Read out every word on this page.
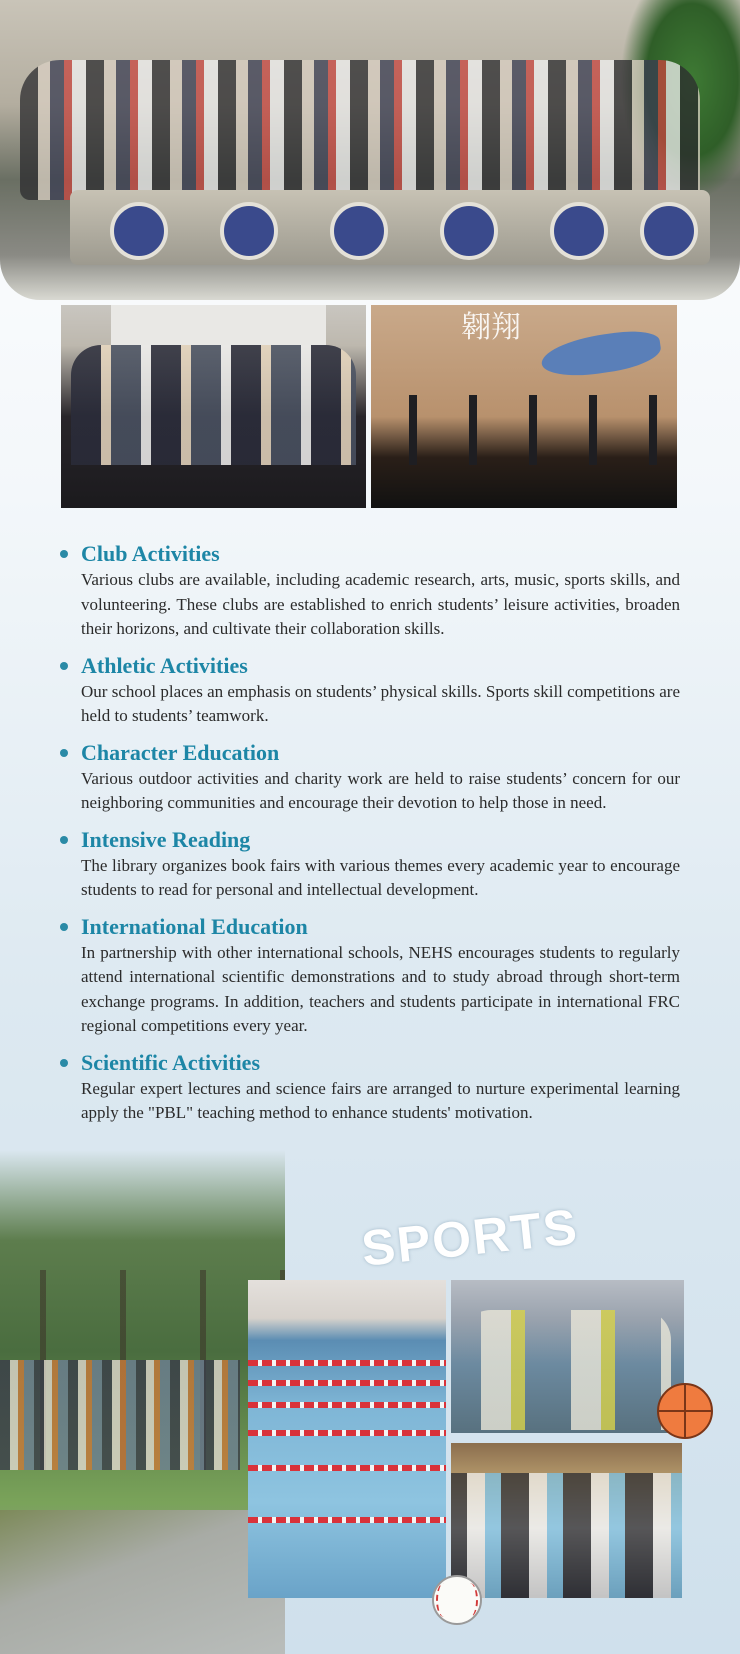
翱翔

Club Activities

Various clubs are available, including academic research, arts, music, sports skills, and volunteering. These clubs are established to enrich students’ leisure activities, broaden their horizons, and cultivate their collaboration skills.

Athletic Activities

Our school places an emphasis on students’ physical skills. Sports skill competitions are held to students’ teamwork.

Character Education

Various outdoor activities and charity work are held to raise students’ concern for our neighboring communities and encourage their devotion to help those in need.

Intensive Reading

The library organizes book fairs with various themes every academic year to encourage students to read for personal and intellectual development.

International Education

In partnership with other international schools, NEHS encourages students to regularly attend international scientific demonstrations and to study abroad through short-term exchange programs. In addition, teachers and students participate in international FRC regional competitions every year.

Scientific Activities

Regular expert lectures and science fairs are arranged to nurture experimental learning apply the "PBL" teaching method to enhance students' motivation.

SPORTS
